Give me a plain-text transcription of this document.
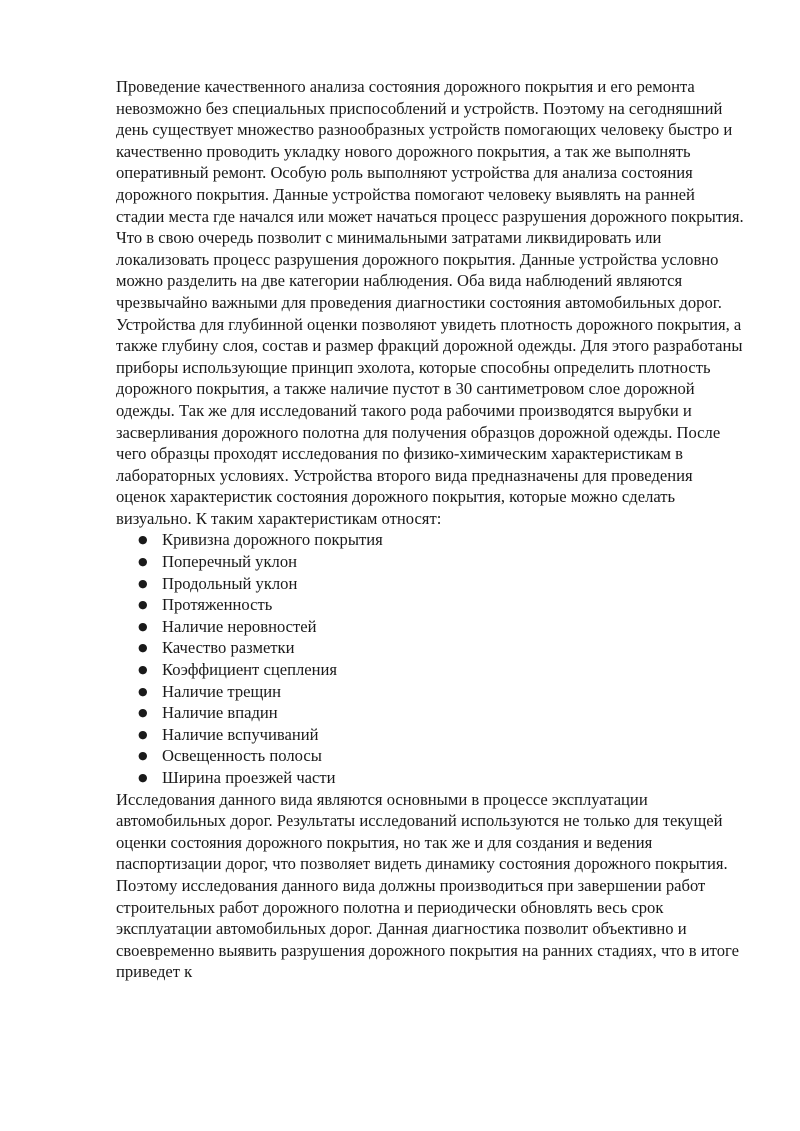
Проведение качественного анализа состояния дорожного покрытия и его ремонта невозможно без специальных приспособлений и устройств. Поэтому на сегодняшний день существует множество разнообразных устройств помогающих человеку быстро и качественно проводить укладку нового дорожного покрытия, а так же выполнять оперативный ремонт. Особую роль выполняют устройства для анализа состояния дорожного покрытия. Данные устройства помогают человеку выявлять на ранней стадии места где начался или может начаться процесс разрушения дорожного покрытия. Что в свою очередь позволит с минимальными затратами ликвидировать или локализовать процесс разрушения дорожного покрытия. Данные устройства условно можно разделить на две категории наблюдения. Оба вида наблюдений являются чрезвычайно важными для проведения диагностики состояния автомобильных дорог. Устройства для глубинной оценки позволяют увидеть плотность дорожного покрытия, а также глубину слоя, состав и размер фракций дорожной одежды. Для этого разработаны приборы использующие принцип эхолота, которые способны определить плотность дорожного покрытия, а также наличие пустот в 30 сантиметровом слое дорожной одежды. Так же для исследований такого рода рабочими производятся вырубки и засверливания дорожного полотна для получения образцов дорожной одежды. После чего образцы проходят исследования по физико-химическим характеристикам в лабораторных условиях. Устройства второго вида предназначены для проведения оценок характеристик состояния дорожного покрытия, которые можно сделать визуально. К таким характеристикам относят:

● Кривизна дорожного покрытия
● Поперечный уклон
● Продольный уклон
● Протяженность
● Наличие неровностей
● Качество разметки
● Коэффициент сцепления
● Наличие трещин
● Наличие впадин
● Наличие вспучиваний
● Освещенность полосы
● Ширина проезжей части

Исследования данного вида являются основными в процессе эксплуатации автомобильных дорог. Результаты исследований используются не только для текущей оценки состояния дорожного покрытия, но так же и для создания и ведения паспортизации дорог, что позволяет видеть динамику состояния дорожного покрытия. Поэтому исследования данного вида должны производиться при завершении работ строительных работ дорожного полотна и периодически обновлять весь срок эксплуатации автомобильных дорог. Данная диагностика позволит объективно и своевременно выявить разрушения дорожного покрытия на ранних стадиях, что в итоге приведет к
